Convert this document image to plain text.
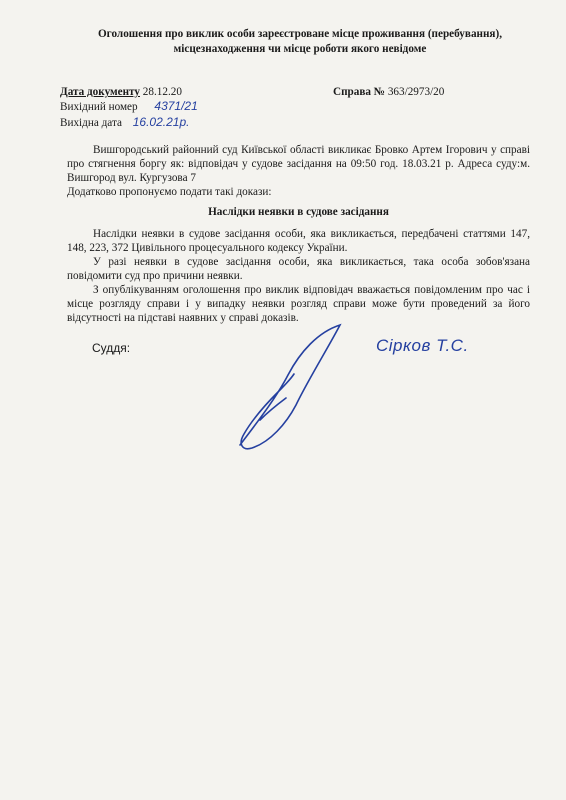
Оголошення про виклик особи зареєстроване місце проживання (перебування),
місцезнаходження чи місце роботи якого невідоме
Дата документу 28.12.20	Справа № 363/2973/20
Вихідний номер 4371/21
Вихідна дата 16.02.21р.
Вишгородський районний суд Київської області викликає Бровко Артем Ігорович у справі про стягнення боргу як: відповідач у судове засідання на 09:50 год. 18.03.21 р. Адреса суду:м. Вишгород вул. Кургузова 7
Додатково пропонуємо подати такі докази:
Наслідки неявки в судове засідання
Наслідки неявки в судове засідання особи, яка викликається, передбачені статтями 147, 148, 223, 372 Цивільного процесуального кодексу України.
У разі неявки в судове засідання особи, яка викликається, така особа зобов'язана повідомити суд про причини неявки.
З опублікуванням оголошення про виклик відповідач вважається повідомленим про час і місце розгляду справи і у випадку неявки розгляд справи може бути проведений за його відсутності на підставі наявних у справі доказів.
Суддя:	Сірков Т.С.
